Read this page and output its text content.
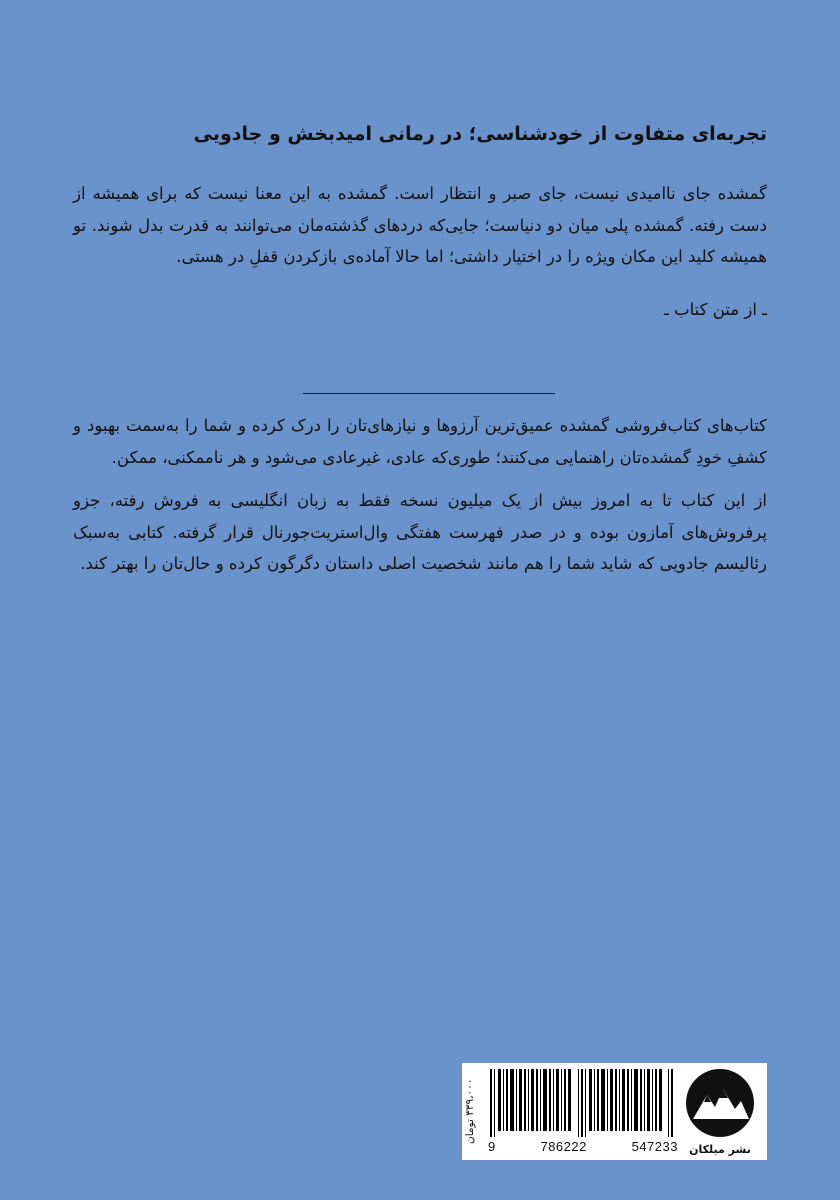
تجربه‌ای متفاوت از خودشناسی؛ در رمانی امیدبخش و جادویی

گمشده جای ناامیدی نیست، جای صبر و انتظار است. گمشده به این معنا نیست که برای همیشه از دست رفته. گمشده پلی میان دو دنیاست؛ جایی‌که دردهای گذشته‌مان می‌توانند به قدرت بدل شوند. تو همیشه کلید این مکان ویژه را در اختیار داشتی؛ اما حالا آماده‌ی بازکردن قفلِ در هستی.

ـ از متن کتاب ـ

کتاب‌های کتاب‌فروشی گمشده عمیق‌ترین آرزوها و نیازهای‌تان را درک کرده و شما را به‌سمت بهبود و کشفِ خودِ گمشده‌تان راهنمایی می‌کنند؛ طوری‌که عادی، غیرعادی می‌شود و هر ناممکنی، ممکن.

از این کتاب تا به امروز بیش از یک میلیون نسخه فقط به زبان انگلیسی به فروش رفته، جزو پرفروش‌های آمازون بوده و در صدر فهرست هفتگی وال‌استریت‌جورنال قرار گرفته. کتابی به‌سبک رئالیسم جادویی که شاید شما را هم مانند شخصیت اصلی داستان دگرگون کرده و حال‌تان را بهتر کند.

۳۳۹،۰۰۰ تومان
9	786222	547233	نشر میلکان
